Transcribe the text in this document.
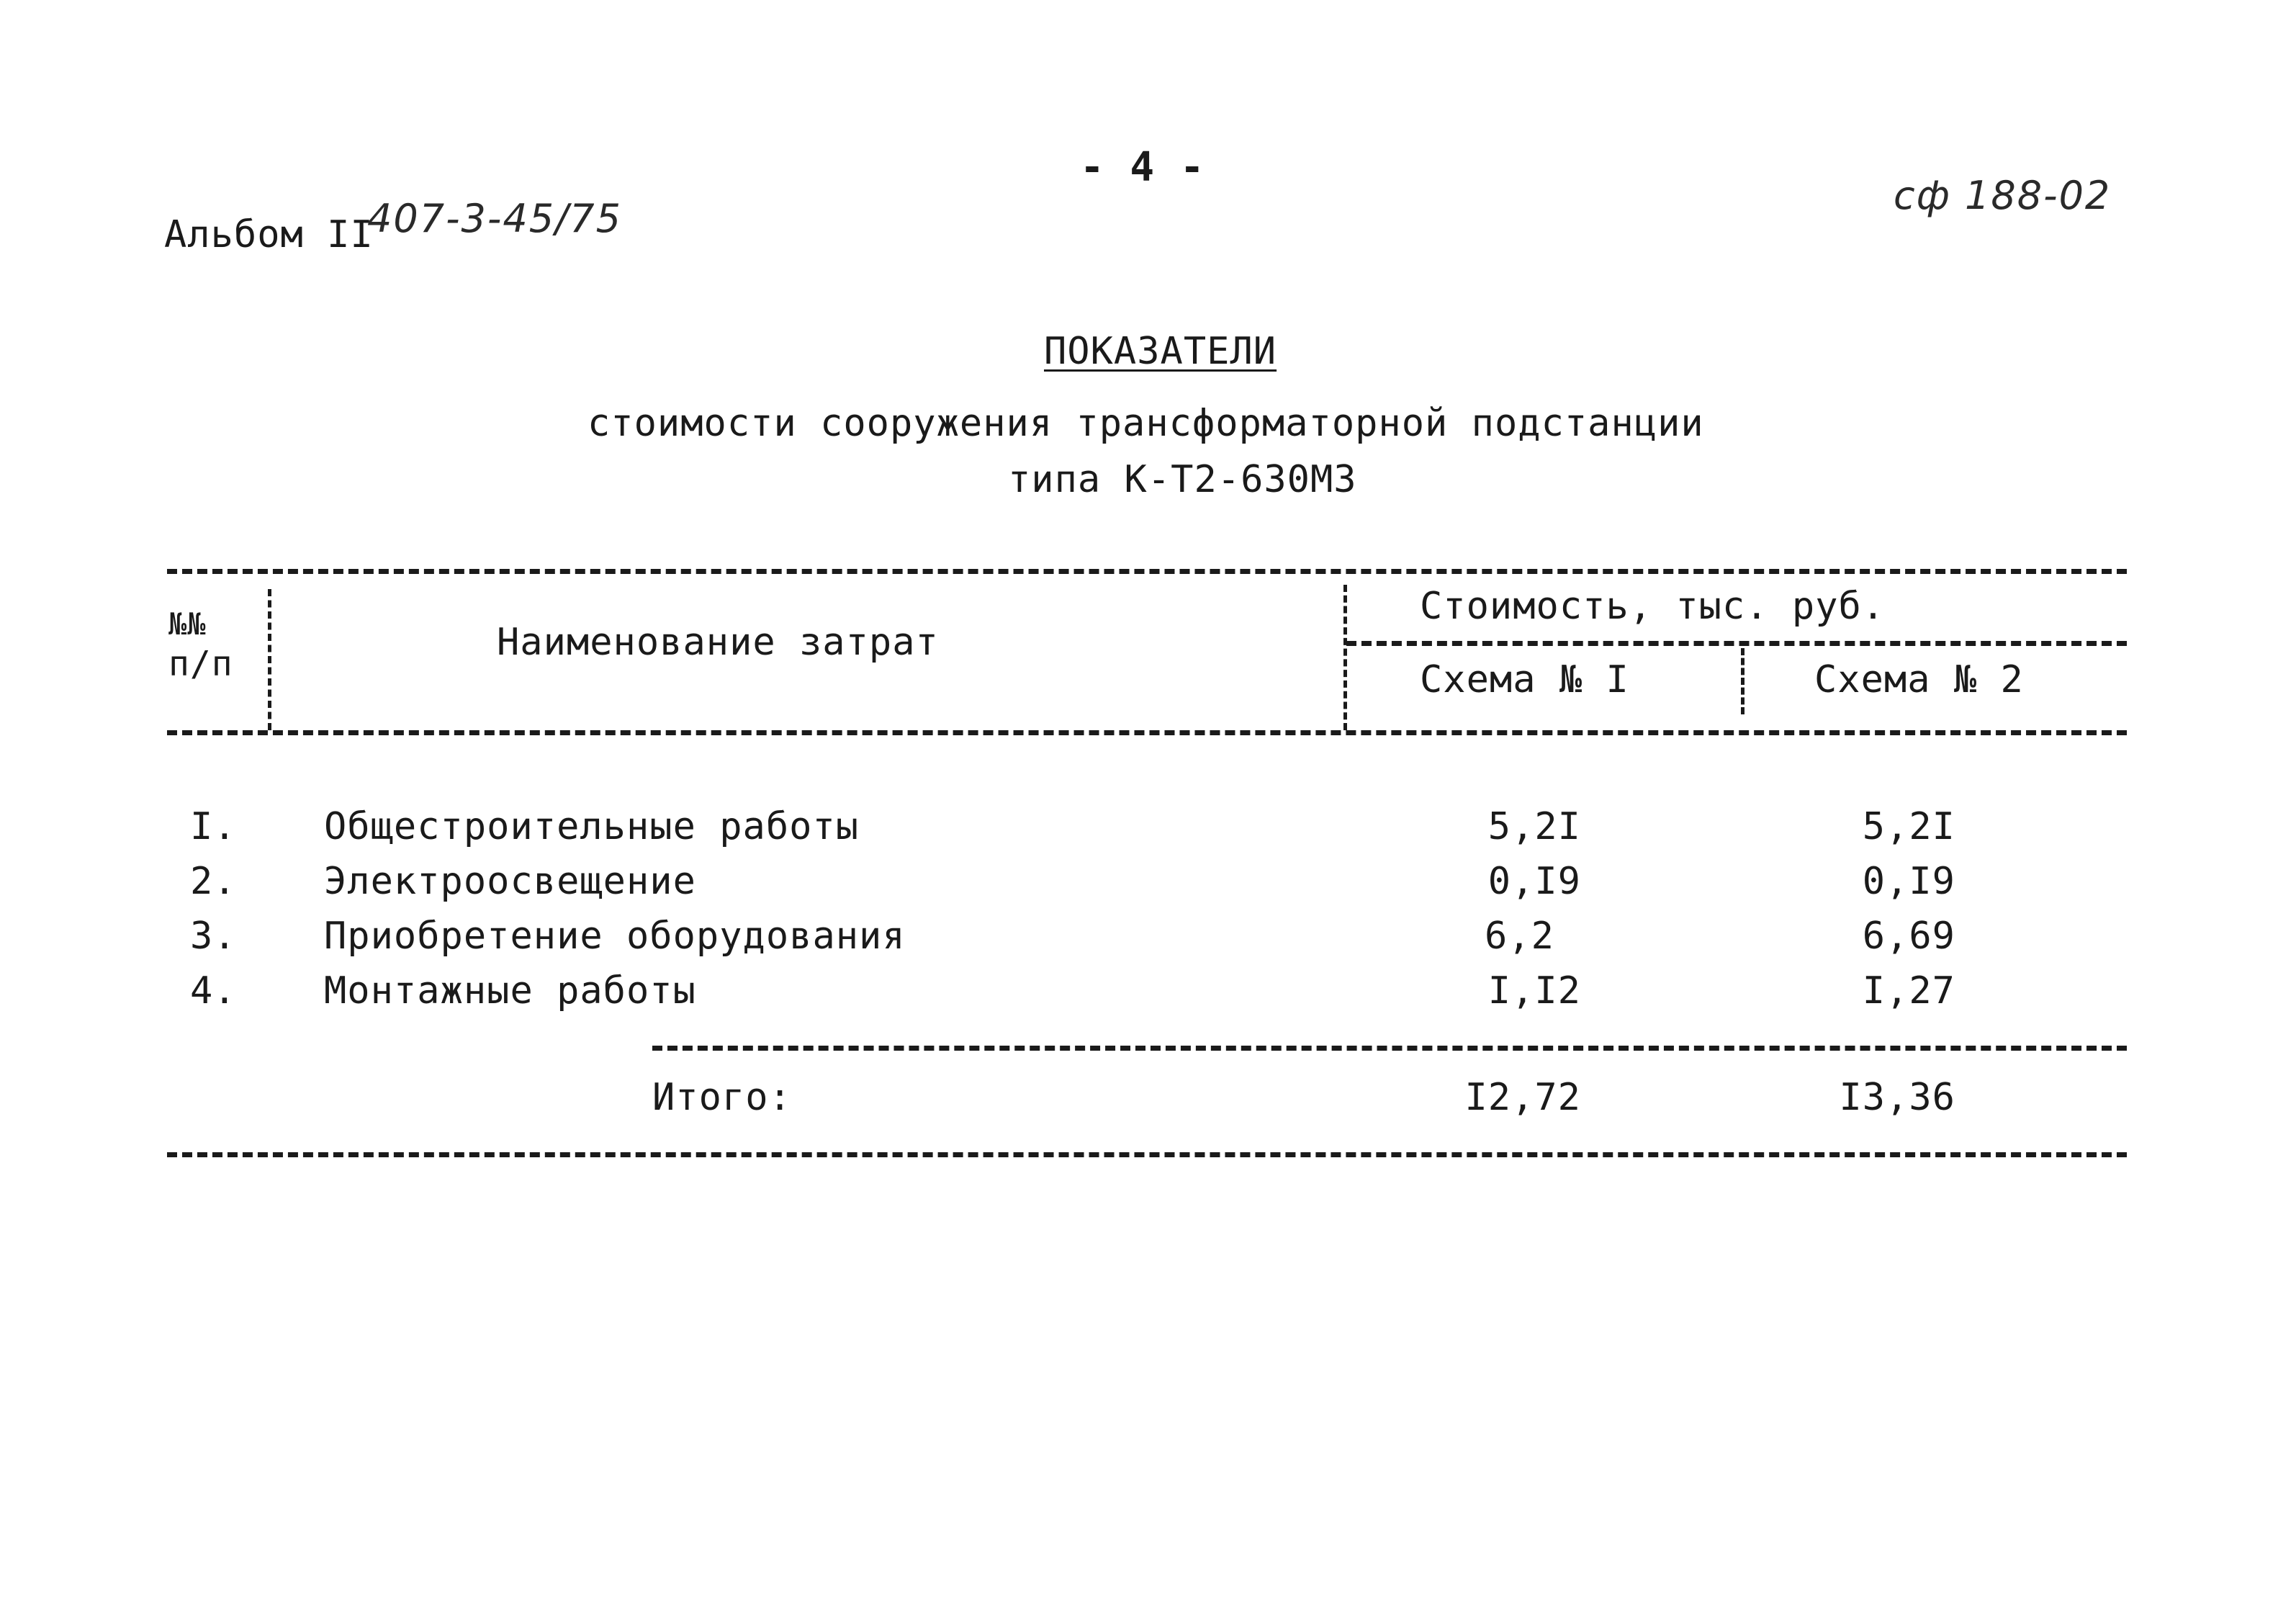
- 4 -
Альбом II
407-3-45/75
сф 188-02
ПОКАЗАТЕЛИ
стоимости сооружения трансформаторной подстанции
типа К-Т2-630М3
№№
п/п	Наименование затрат
Стоимость, тыс. руб.
Схема № I	Схема № 2
I. Общестроительные работы	5,2I	5,2I
2. Электроосвещение	0,I9	0,I9
3. Приобретение оборудования	6,2	6,69
4. Монтажные работы	I,I2	I,27
Итого:	I2,72	I3,36
